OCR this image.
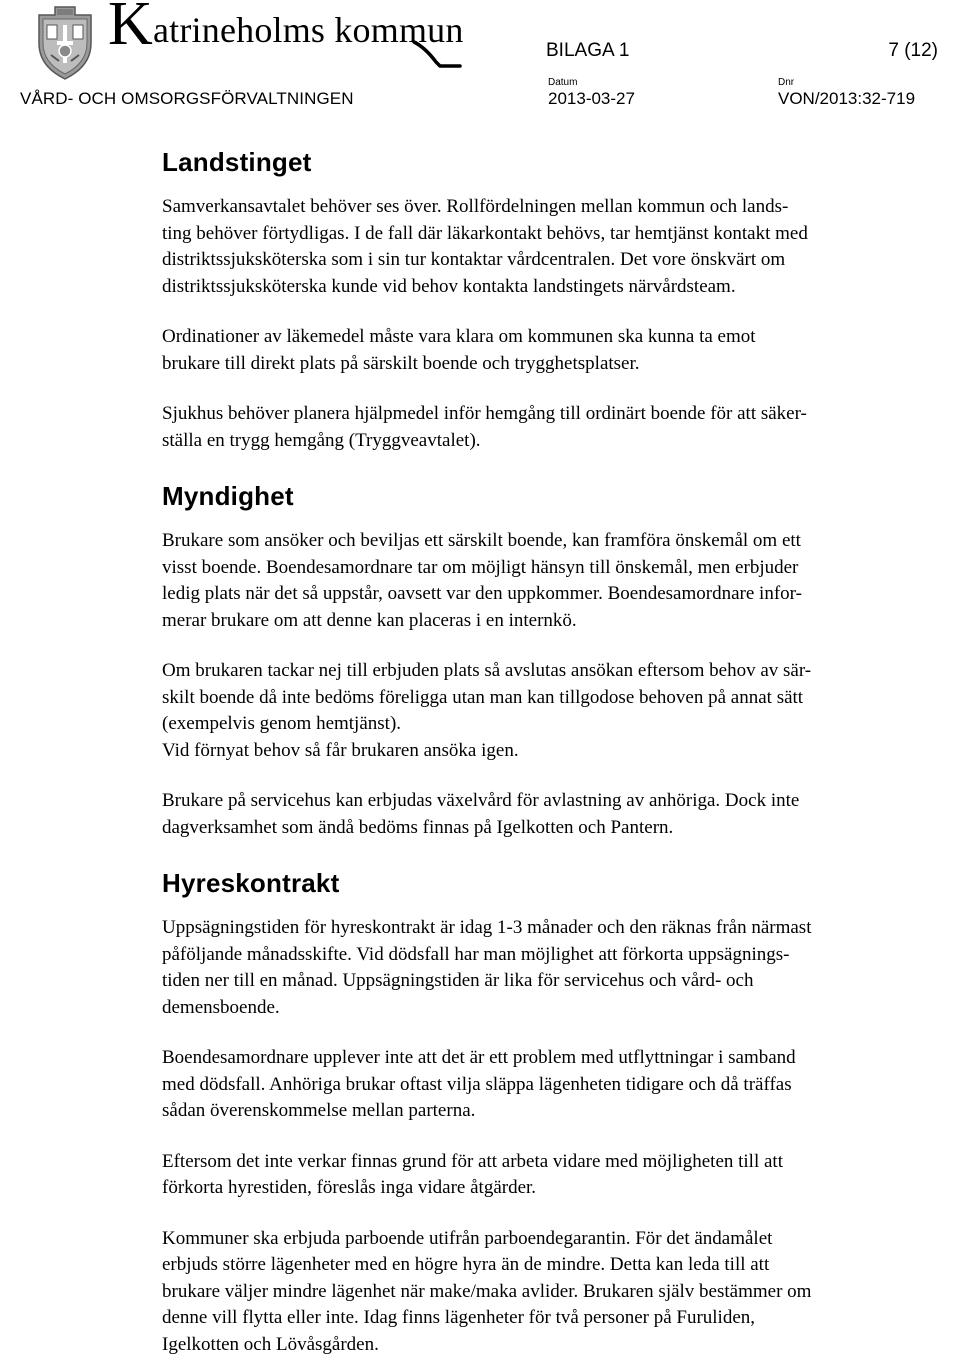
Katrineholms kommun
BILAGA 1	7 (12)
VÅRD- OCH OMSORGSFÖRVALTNINGEN
Datum
2013-03-27
Dnr
VON/2013:32-719
Landstinget

Samverkansavtalet behöver ses över. Rollfördelningen mellan kommun och lands-
ting behöver förtydligas. I de fall där läkarkontakt behövs, tar hemtjänst kontakt med
distriktssjuksköterska som i sin tur kontaktar vårdcentralen. Det vore önskvärt om
distriktssjuksköterska kunde vid behov kontakta landstingets närvårdsteam.

Ordinationer av läkemedel måste vara klara om kommunen ska kunna ta emot
brukare till direkt plats på särskilt boende och trygghetsplatser.

Sjukhus behöver planera hjälpmedel inför hemgång till ordinärt boende för att säker-
ställa en trygg hemgång (Tryggveavtalet).

Myndighet

Brukare som ansöker och beviljas ett särskilt boende, kan framföra önskemål om ett
visst boende. Boendesamordnare tar om möjligt hänsyn till önskemål, men erbjuder
ledig plats när det så uppstår, oavsett var den uppkommer. Boendesamordnare infor-
merar brukare om att denne kan placeras i en internkö.

Om brukaren tackar nej till erbjuden plats så avslutas ansökan eftersom behov av sär-
skilt boende då inte bedöms föreligga utan man kan tillgodose behoven på annat sätt
(exempelvis genom hemtjänst).
Vid förnyat behov så får brukaren ansöka igen.

Brukare på servicehus kan erbjudas växelvård för avlastning av anhöriga. Dock inte
dagverksamhet som ändå bedöms finnas på Igelkotten och Pantern.

Hyreskontrakt

Uppsägningstiden för hyreskontrakt är idag 1-3 månader och den räknas från närmast
påföljande månadsskifte. Vid dödsfall har man möjlighet att förkorta uppsägnings-
tiden ner till en månad. Uppsägningstiden är lika för servicehus och vård- och
demensboende.

Boendesamordnare upplever inte att det är ett problem med utflyttningar i samband
med dödsfall. Anhöriga brukar oftast vilja släppa lägenheten tidigare och då träffas
sådan överenskommelse mellan parterna.

Eftersom det inte verkar finnas grund för att arbeta vidare med möjligheten till att
förkorta hyrestiden, föreslås inga vidare åtgärder.

Kommuner ska erbjuda parboende utifrån parboendegarantin. För det ändamålet
erbjuds större lägenheter med en högre hyra än de mindre. Detta kan leda till att
brukare väljer mindre lägenhet när make/maka avlider. Brukaren själv bestämmer om
denne vill flytta eller inte. Idag finns lägenheter för två personer på Furuliden,
Igelkotten och Lövåsgården.
